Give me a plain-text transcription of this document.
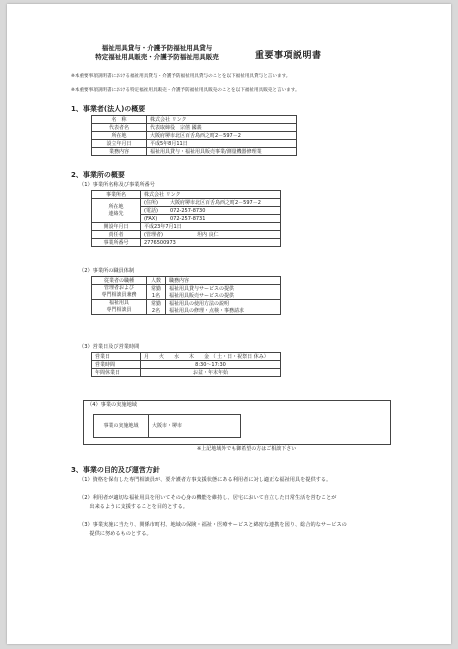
福祉用具貸与・介護予防福祉用具貸与
特定福祉用具販売・介護予防福祉用具販売	重要事項説明書
※本重要事項説明書における福祉用具貸与・介護予防福祉用具貸与のことを以下福祉用具貸与と言います。
※本重要事項説明書における特定福祉用具販売・介護予防福祉用具販売のことを以下福祉用具販売と言います。
1、事業者(法人)の概要
名　称	株式会社 リンク
代表者名	代表取締役　宗僖 國義
所在地	大阪府堺市北区百舌鳥西之町2－597－2
設立年月日	平成5年8月11日
業務内容	福祉用具貸与・福祉用具販売事業/測量機器修理業
2、事業所の概要
（1）事業所名称及び事業所番号
事業所名	株式会社 リンク	
所在地
連絡先	(住所)	大阪府堺市北区百舌鳥西之町2－597－2
	(電話)	072-257-8730
	(FAX)	072-257-8731
開設年月日	平成23年7月1日	
責任者	(管理者)	坦内 良仁
事業所番号	2776500973	
（2）事業所の職員体制
従業者の職種	人数	職務内容
管理者および
専門相談員兼務	常勤	福祉用具貸与サービスの提供
	1名	福祉用具販売サービスの提供
福祉用具
専門相談員	常勤	福祉用具の使用方法の説明
	2名	福祉用具の修理・点検・事務請求
（3）営業日及び営業時間
営業日	月　　火　　水　　木　　金 （ 土・日・祝祭日 休み）
営業時間	8:30～17:30
年間休業日	お盆・年末年始
（4）事業の実施地域
事業の実施地域	大阪市・堺市
※上記地域外でも御希望の方はご相談下さい
3、事業の目的及び運営方針
（1）資格を保有した専門相談員が、要介護者方事支援状態にある利用者に対し適正な福祉用具を提供する。
（2）利用者が適切な福祉用具を用いてその心身の機能を維持し、居宅において自立した日常生活を営むことが
　　出来るように支援することを目的とする。
（3）事業実施に当たり、関係市町村、地域の保険・福祉・医療サービスと綿密な連携を図り、総合的なサービスの
　　提供に努めるものとする。
